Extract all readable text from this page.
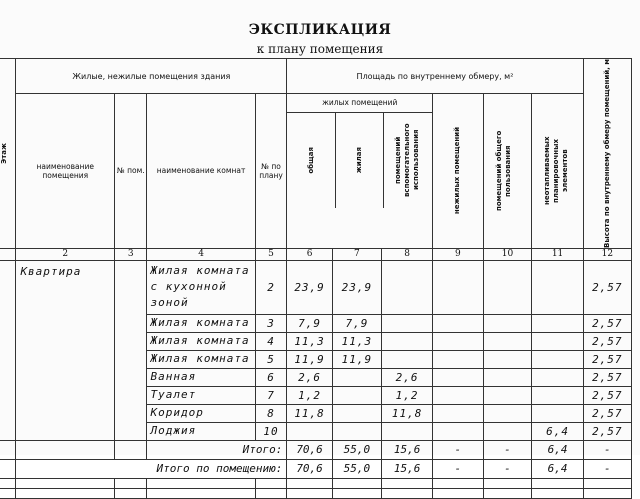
ЭКСПЛИКАЦИЯ
к плану помещения
Этаж
	Жилые, нежилые помещения здания	Площадь по внутреннему обмеру, м²	Высота по внутреннему обмеру помещений, м

наименование помещения	№ пом.	наименование комнат	№ по плану	
жилых помещений

общая	жилая	помещений вспомогательного использования
		нежилых помещений	помещений общего пользования	неотапливаемых планировочных элементов

	2	3	4	5	6	7	8	9	10	11	12
	Квартира		Жилая комната с кухонной зоной	2	23,9	23,9					2,57
Жилая комната	3	7,9	7,9					2,57
Жилая комната	4	11,3	11,3					2,57
Жилая комната	5	11,9	11,9					2,57
Ванная	6	2,6		2,6				2,57
Туалет	7	1,2		1,2				2,57
Коридор	8	11,8		11,8				2,57
Лоджия	10						6,4	2,57
			Итого:	70,6	55,0	15,6	-	-	6,4	-
	Итого по помещению:	70,6	55,0	15,6	-	-	6,4	-
